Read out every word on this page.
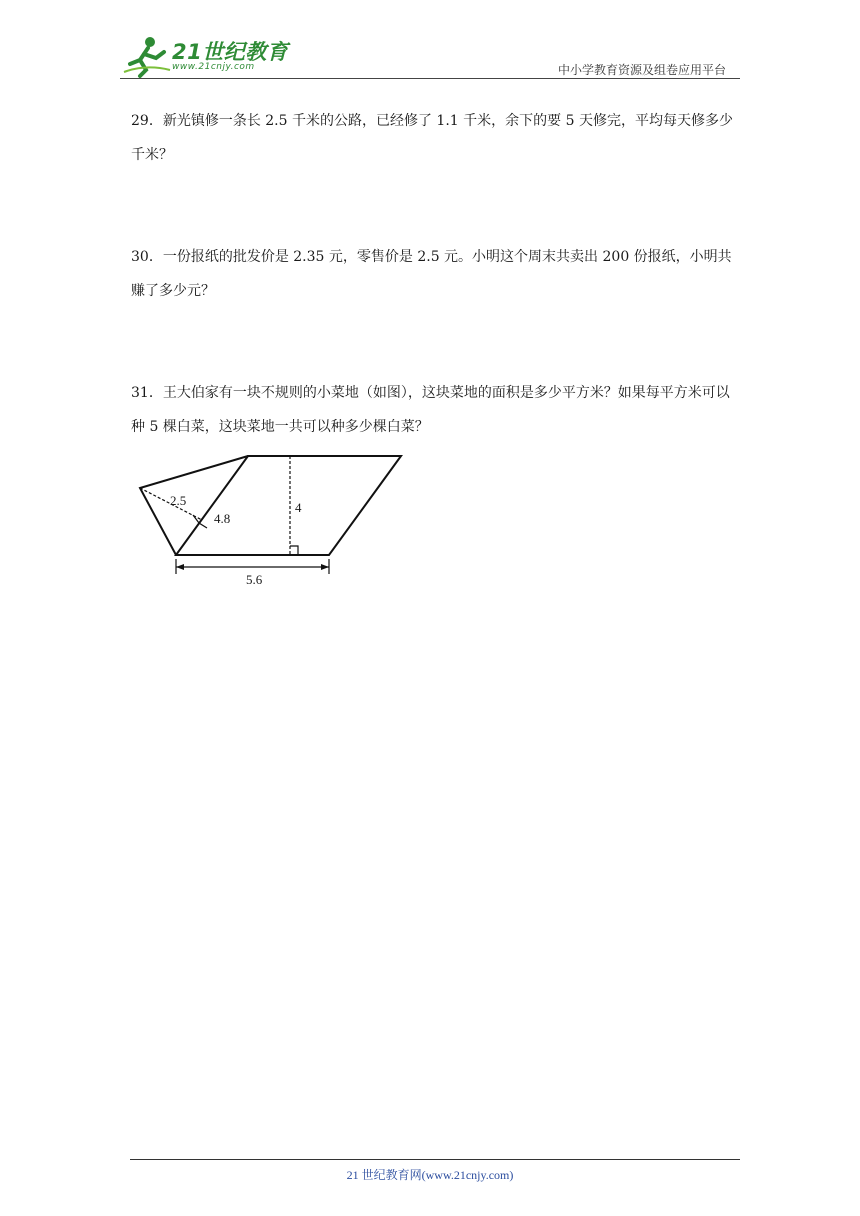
21世纪教育
www.21cnjy.com	中小学教育资源及组卷应用平台
29．新光镇修一条长 2.5 千米的公路，已经修了 1.1 千米，余下的要 5 天修完，平均每天修多少千米？
30．一份报纸的批发价是 2.35 元，零售价是 2.5 元。小明这个周末共卖出 200 份报纸，小明共赚了多少元？
31．王大伯家有一块不规则的小菜地（如图），这块菜地的面积是多少平方米？如果每平方米可以种 5 棵白菜，这块菜地一共可以种多少棵白菜？
2.5
4.8
4
5.6
21 世纪教育网(www.21cnjy.com)
